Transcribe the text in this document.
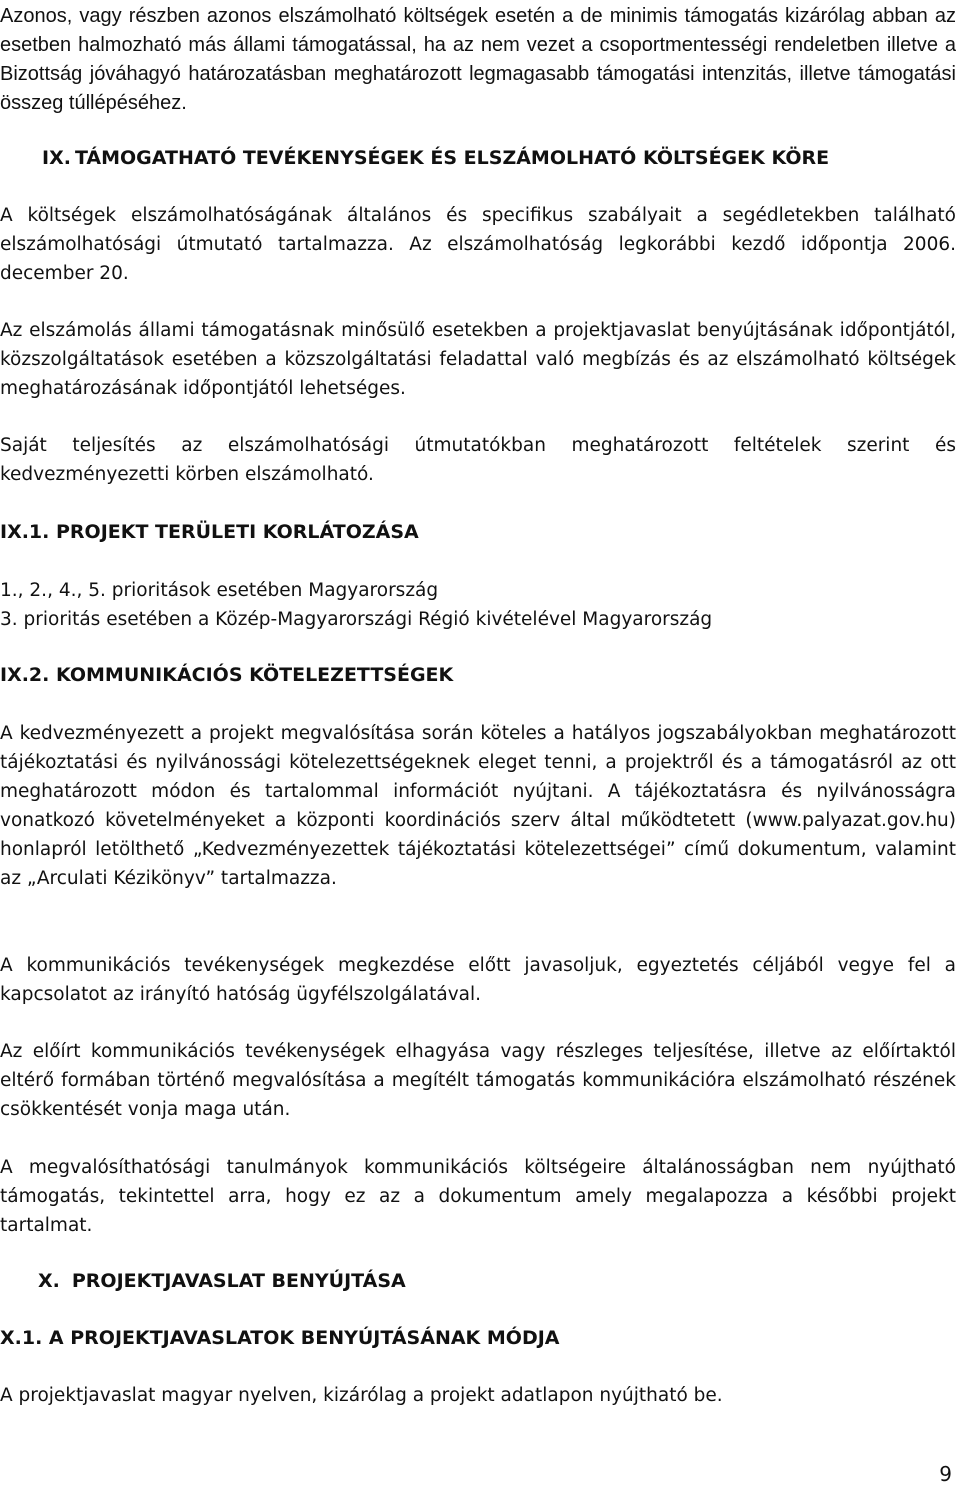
Azonos, vagy részben azonos elszámolható költségek esetén a de minimis támogatás kizárólag abban az esetben halmozható más állami támogatással, ha az nem vezet a csoportmentességi rendeletben illetve a Bizottság jóváhagyó határozatásban meghatározott legmagasabb támogatási intenzitás, illetve támogatási összeg túllépéséhez.

IX. TÁMOGATHATÓ TEVÉKENYSÉGEK ÉS ELSZÁMOLHATÓ KÖLTSÉGEK KÖRE

A költségek elszámolhatóságának általános és specifikus szabályait a segédletekben található elszámolhatósági útmutató tartalmazza. Az elszámolhatóság legkorábbi kezdő időpontja 2006. december 20.

Az elszámolás állami támogatásnak minősülő esetekben a projektjavaslat benyújtásának időpontjától, közszolgáltatások esetében a közszolgáltatási feladattal való megbízás és az elszámolható költségek meghatározásának időpontjától lehetséges.

Saját teljesítés az elszámolhatósági útmutatókban meghatározott feltételek szerint és kedvezményezetti körben elszámolható.

IX.1. PROJEKT TERÜLETI KORLÁTOZÁSA
1., 2., 4., 5. prioritások esetében Magyarország
3. prioritás esetében a Közép-Magyarországi Régió kivételével Magyarország
IX.2. KOMMUNIKÁCIÓS KÖTELEZETTSÉGEK

A kedvezményezett a projekt megvalósítása során köteles a hatályos jogszabályokban meghatározott tájékoztatási és nyilvánossági kötelezettségeknek eleget tenni, a projektről és a támogatásról az ott meghatározott módon és tartalommal információt nyújtani. A tájékoztatásra és nyilvánosságra vonatkozó követelményeket a központi koordinációs szerv által működtetett (www.palyazat.gov.hu) honlapról letölthető „Kedvezményezettek tájékoztatási kötelezettségei” című dokumentum, valamint az „Arculati Kézikönyv” tartalmazza.

A kommunikációs tevékenységek megkezdése előtt javasoljuk, egyeztetés céljából vegye fel a kapcsolatot az irányító hatóság ügyfélszolgálatával.

Az előírt kommunikációs tevékenységek elhagyása vagy részleges teljesítése, illetve az előírtaktól eltérő formában történő megvalósítása a megítélt támogatás kommunikációra elszámolható részének csökkentését vonja maga után.

A megvalósíthatósági tanulmányok kommunikációs költségeire általánosságban nem nyújtható támogatás, tekintettel arra, hogy ez az a dokumentum amely megalapozza a későbbi projekt tartalmat.

X. PROJEKTJAVASLAT BENYÚJTÁSA
X.1. A PROJEKTJAVASLATOK BENYÚJTÁSÁNAK MÓDJA

A projektjavaslat magyar nyelven, kizárólag a projekt adatlapon nyújtható be.

9
